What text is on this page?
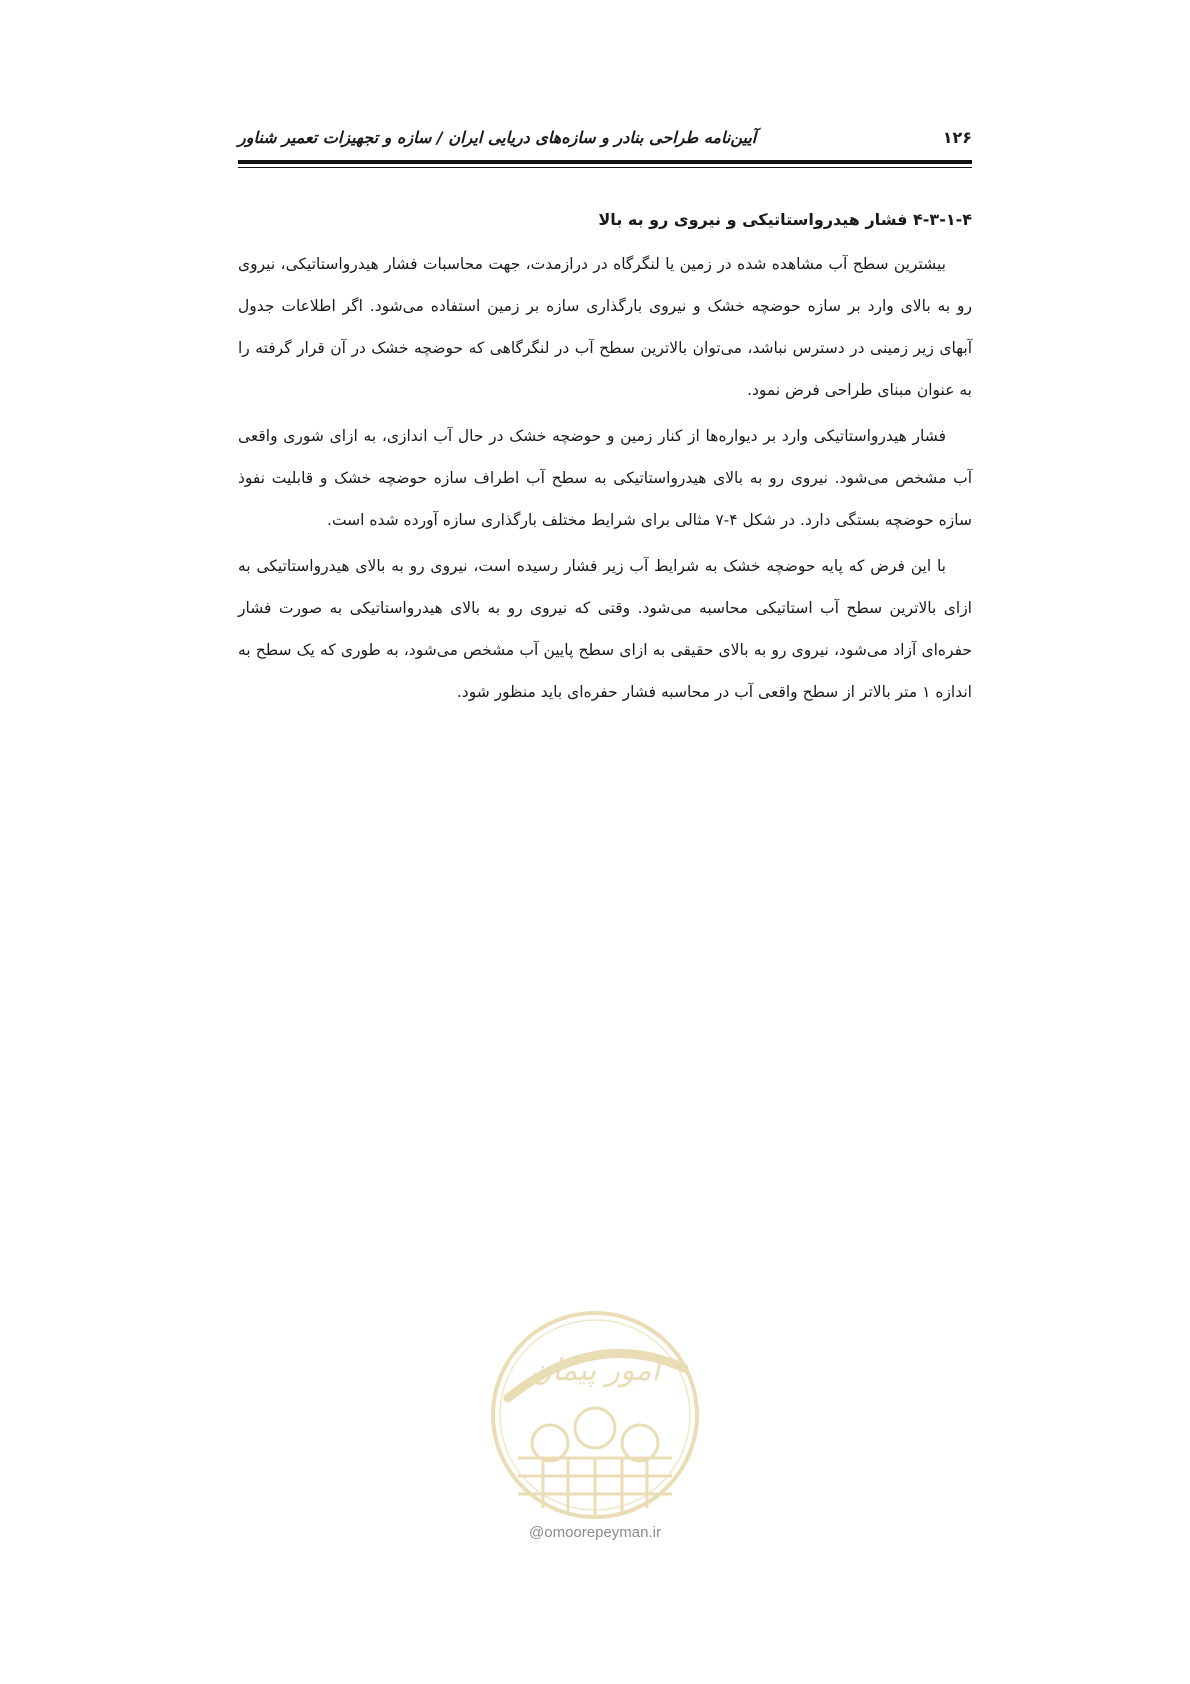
۱۲۶
آیین‌نامه طراحی بنادر و سازه‌های دریایی ایران / سازه و تجهیزات تعمیر شناور
۴-۳-۱-۴ فشار هیدرواستاتیکی و نیروی رو به بالا

بیشترین سطح آب مشاهده شده در زمین یا لنگرگاه در درازمدت، جهت محاسبات فشار هیدرواستاتیکی، نیروی رو به بالای وارد بر سازه حوضچه خشک و نیروی بارگذاری سازه بر زمین استفاده می‌شود. اگر اطلاعات جدول آبهای زیر زمینی در دسترس نباشد، می‌توان بالاترین سطح آب در لنگرگاهی که حوضچه خشک در آن قرار گرفته را به عنوان مبنای طراحی فرض نمود.

فشار هیدرواستاتیکی وارد بر دیواره‌ها از کنار زمین و حوضچه خشک در حال آب اندازی، به ازای شوری واقعی آب مشخص می‌شود. نیروی رو به بالای هیدرواستاتیکی به سطح آب اطراف سازه حوضچه خشک و قابلیت نفوذ سازه حوضچه بستگی دارد. در شکل ۴-۷ مثالی برای شرایط مختلف بارگذاری سازه آورده شده است.

با این فرض که پایه حوضچه خشک به شرایط آب زیر فشار رسیده است، نیروی رو به بالای هیدرواستاتیکی به ازای بالاترین سطح آب استاتیکی محاسبه می‌شود. وقتی که نیروی رو به بالای هیدرواستاتیکی به صورت فشار حفره‌ای آزاد می‌شود، نیروی رو به بالای حقیقی به ازای سطح پایین آب مشخص می‌شود، به طوری که یک سطح به اندازه ۱ متر بالاتر از سطح واقعی آب در محاسبه فشار حفره‌ای باید منظور شود.

امور پیمان
@omoorepeyman.ir
